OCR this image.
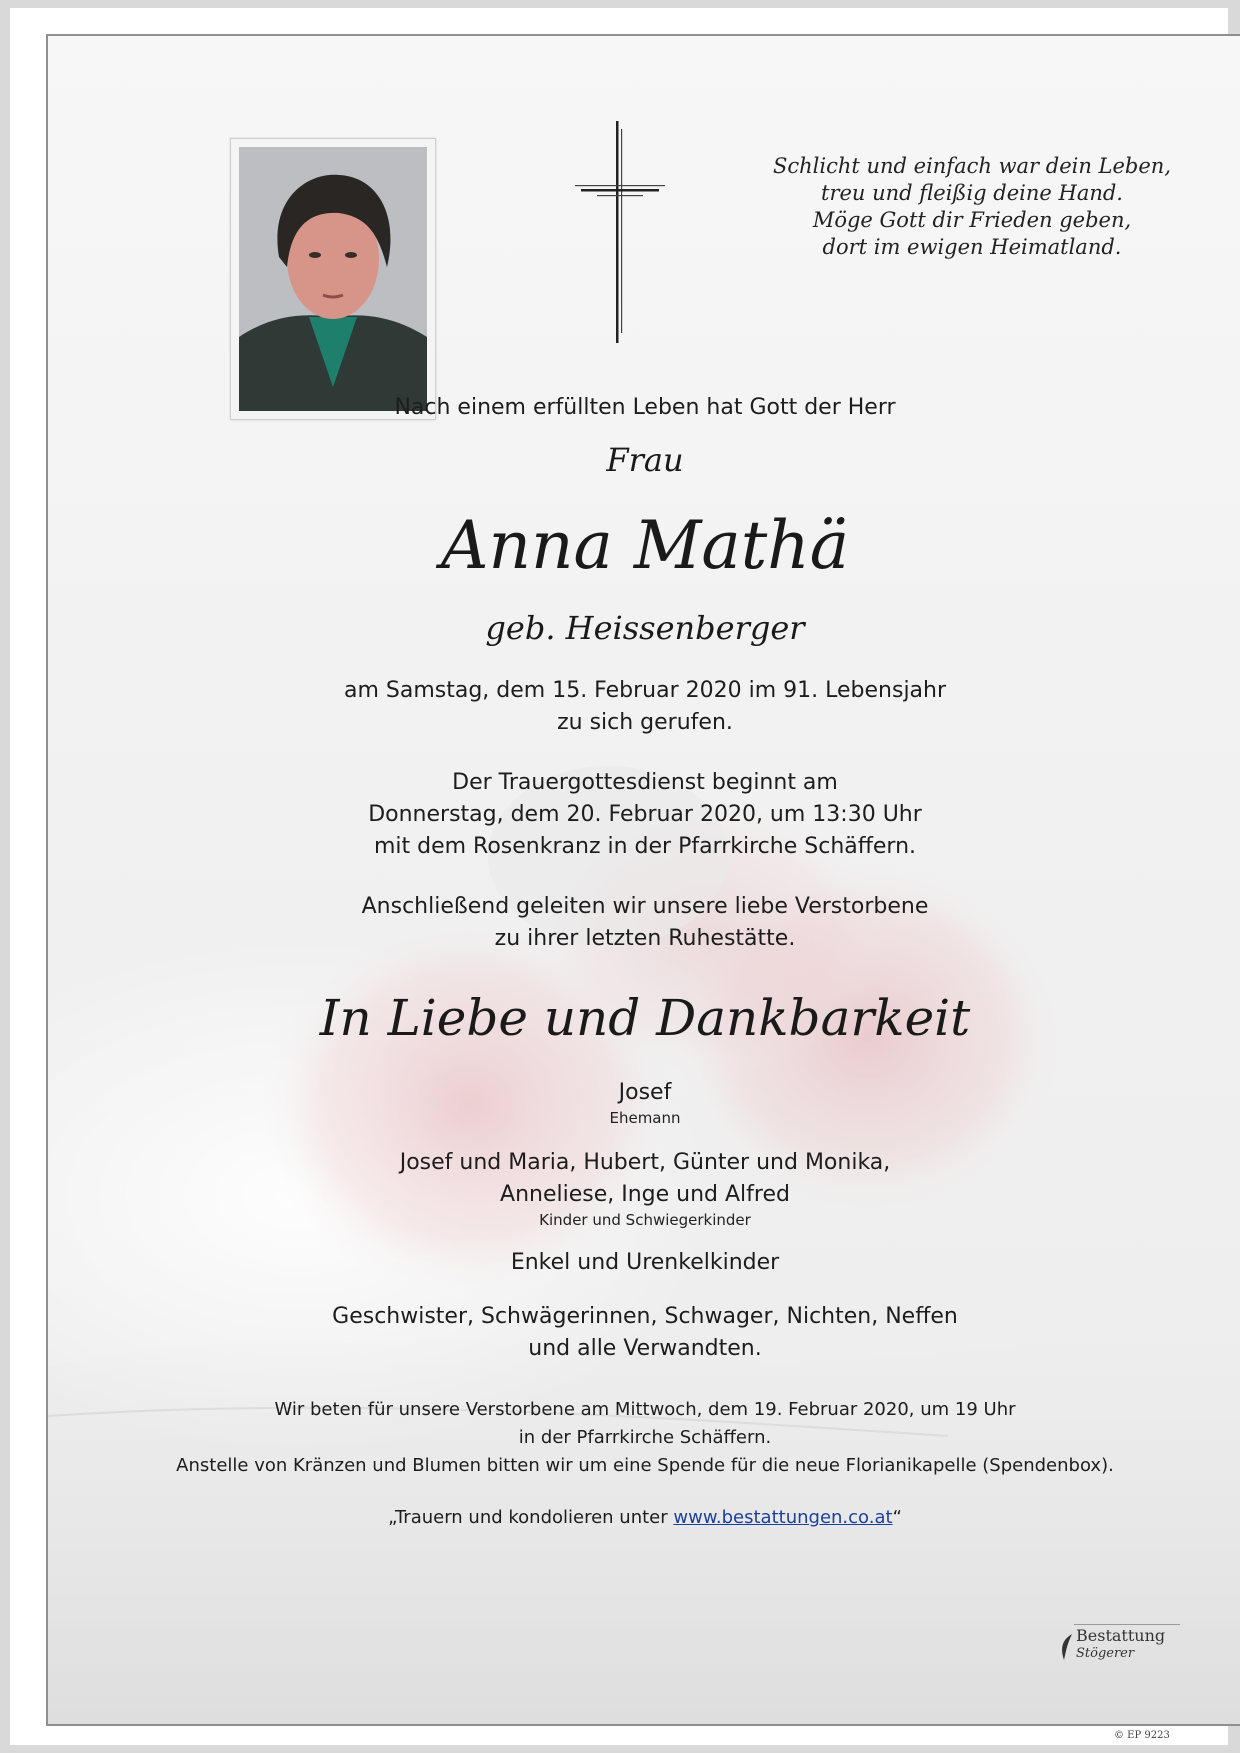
Schlicht und einfach war dein Leben,
treu und fleißig deine Hand.
Möge Gott dir Frieden geben,
dort im ewigen Heimatland.
Nach einem erfüllten Leben hat Gott der Herr
Frau
Anna Mathä
geb. Heissenberger
am Samstag, dem 15. Februar 2020 im 91. Lebensjahr
zu sich gerufen.
Der Trauergottesdienst beginnt am
Donnerstag, dem 20. Februar 2020, um 13:30 Uhr
mit dem Rosenkranz in der Pfarrkirche Schäffern.
Anschließend geleiten wir unsere liebe Verstorbene
zu ihrer letzten Ruhestätte.
In Liebe und Dankbarkeit
Josef
Ehemann
Josef und Maria, Hubert, Günter und Monika,
Anneliese, Inge und Alfred
Kinder und Schwiegerkinder
Enkel und Urenkelkinder
Geschwister, Schwägerinnen, Schwager, Nichten, Neffen
und alle Verwandten.
Wir beten für unsere Verstorbene am Mittwoch, dem 19. Februar 2020, um 19 Uhr
in der Pfarrkirche Schäffern.
Anstelle von Kränzen und Blumen bitten wir um eine Spende für die neue Florianikapelle (Spendenbox).
„Trauern und kondolieren unter www.bestattungen.co.at“
Bestattung
Stögerer
© EP 9223
